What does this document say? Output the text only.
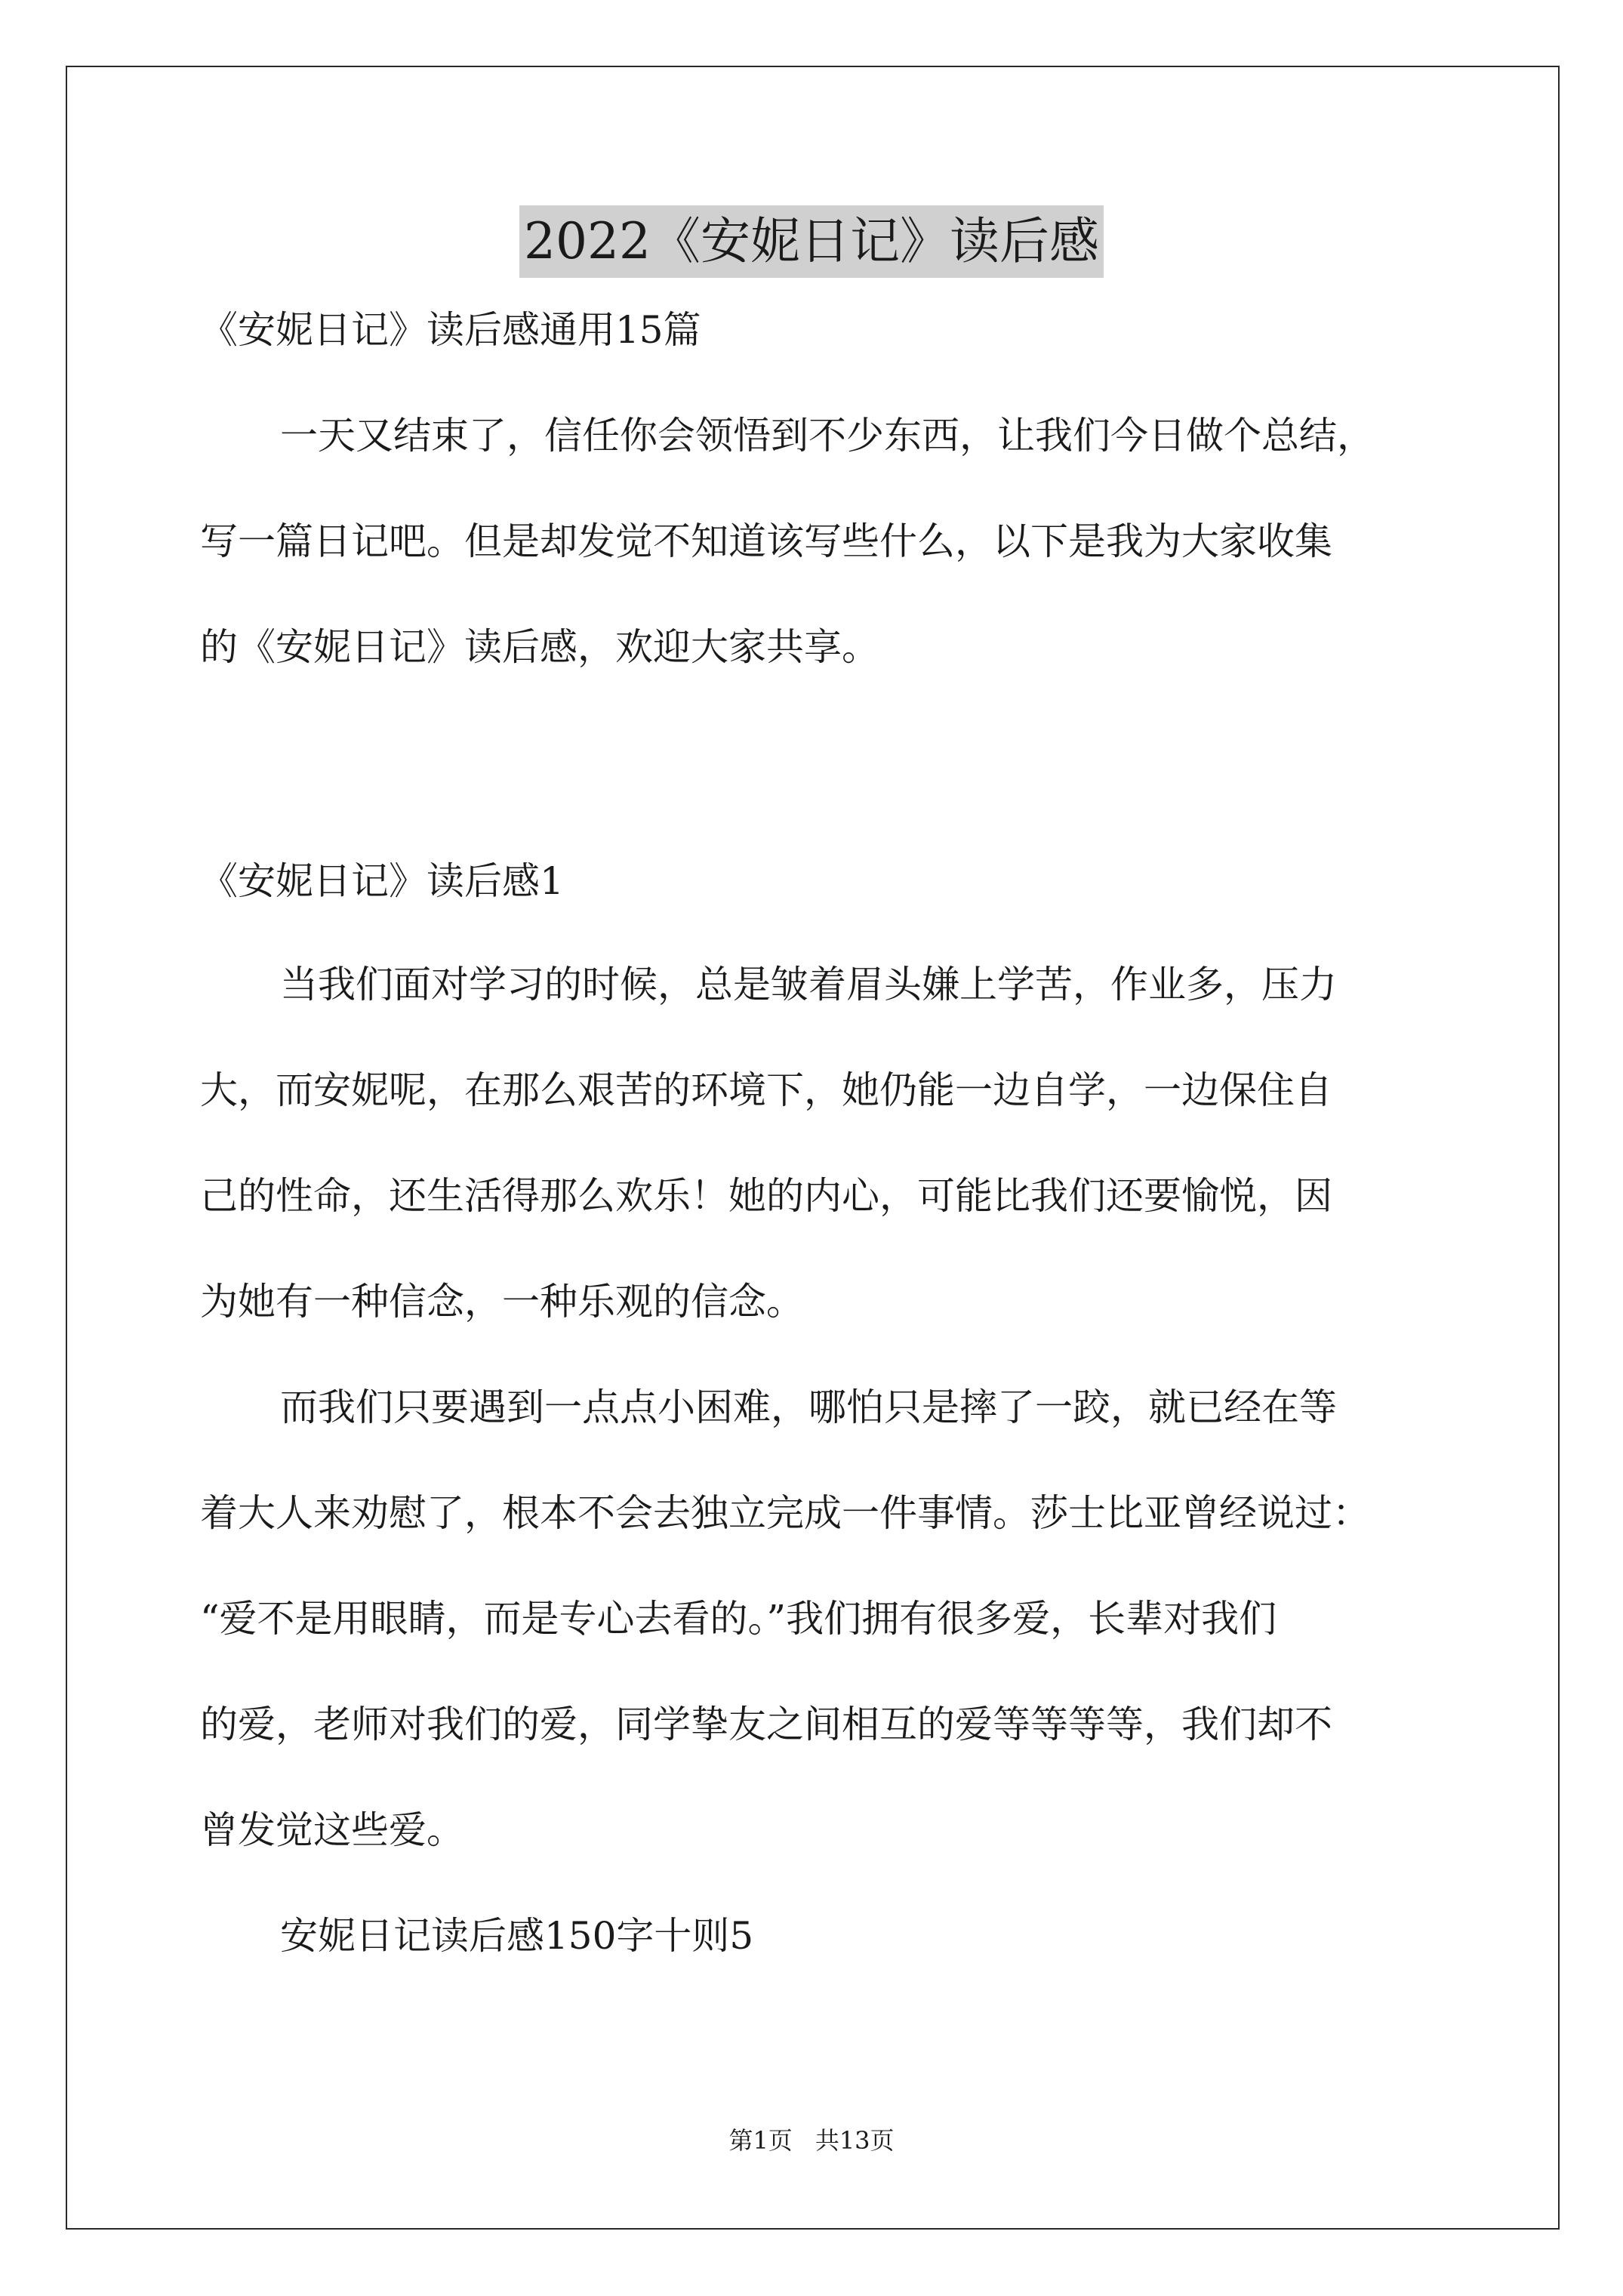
2022《安妮日记》读后感
《安妮日记》读后感通用15篇
一天又结束了，信任你会领悟到不少东西，让我们今日做个总结，
写一篇日记吧。但是却发觉不知道该写些什么，以下是我为大家收集
的《安妮日记》读后感，欢迎大家共享。
《安妮日记》读后感1
当我们面对学习的时候，总是皱着眉头嫌上学苦，作业多，压力
大，而安妮呢，在那么艰苦的环境下，她仍能一边自学，一边保住自
己的性命，还生活得那么欢乐！她的内心，可能比我们还要愉悦，因
为她有一种信念，一种乐观的信念。
而我们只要遇到一点点小困难，哪怕只是摔了一跤，就已经在等
着大人来劝慰了，根本不会去独立完成一件事情。莎士比亚曾经说过：
“爱不是用眼睛，而是专心去看的。”我们拥有很多爱，长辈对我们
的爱，老师对我们的爱，同学挚友之间相互的爱等等等等，我们却不
曾发觉这些爱。
安妮日记读后感150字十则5
第1页 共13页
